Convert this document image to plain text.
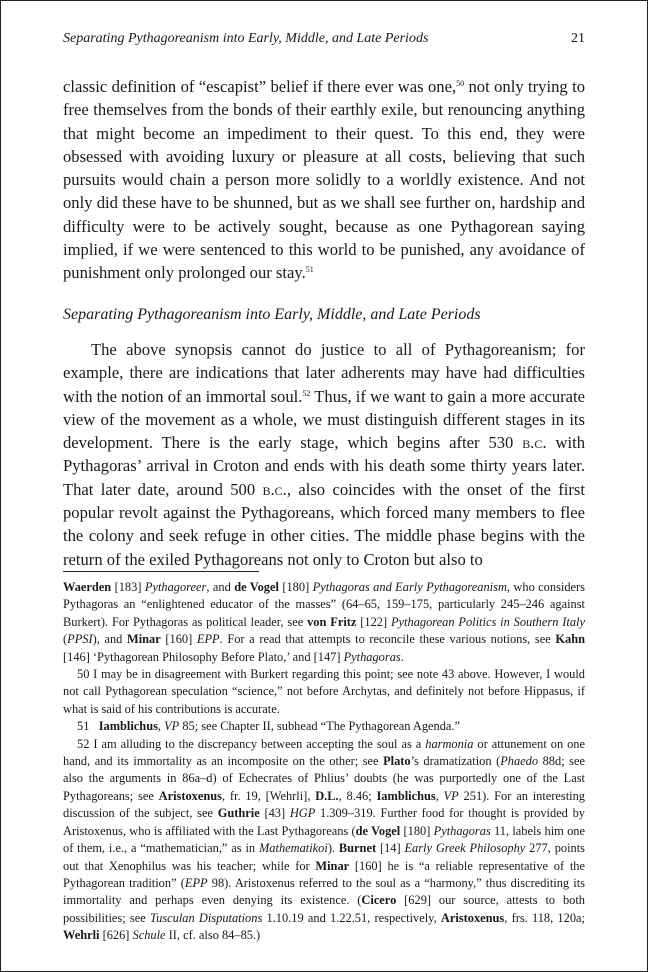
Separating Pythagoreanism into Early, Middle, and Late Periods	21

classic definition of “escapist” belief if there ever was one,$^{50}$ not only trying to free themselves from the bonds of their earthly exile, but renouncing anything that might become an impediment to their quest. To this end, they were obsessed with avoiding luxury or pleasure at all costs, believing that such pursuits would chain a person more solidly to a worldly existence. And not only did these have to be shunned, but as we shall see further on, hardship and difficulty were to be actively sought, because as one Pythagorean saying implied, if we were sentenced to this world to be punished, any avoidance of punishment only prolonged our stay.$^{51}$

Separating Pythagoreanism into Early, Middle, and Late Periods

The above synopsis cannot do justice to all of Pythagoreanism; for example, there are indications that later adherents may have had difficulties with the notion of an immortal soul.$^{52}$ Thus, if we want to gain a more accurate view of the movement as a whole, we must distinguish different stages in its development. There is the early stage, which begins after 530 b.c. with Pythagoras’ arrival in Croton and ends with his death some thirty years later. That later date, around 500 b.c., also coincides with the onset of the first popular revolt against the Pythagoreans, which forced many members to flee the colony and seek refuge in other cities. The middle phase begins with the return of the exiled Pythagoreans not only to Croton but also to

Waerden [183] Pythagoreer, and de Vogel [180] Pythagoras and Early Pythagoreanism, who considers Pythagoras an “enlightened educator of the masses” (64–65, 159–175, particularly 245–246 against Burkert). For Pythagoras as political leader, see von Fritz [122] Pythagorean Politics in Southern Italy (PPSI), and Minar [160] EPP. For a read that attempts to reconcile these various notions, see Kahn [146] ‘Pythagorean Philosophy Before Plato,’ and [147] Pythagoras.

50 I may be in disagreement with Burkert regarding this point; see note 43 above. However, I would not call Pythagorean speculation “science,” not before Archytas, and definitely not before Hippasus, if what is said of his contributions is accurate.

51 Iamblichus, VP 85; see Chapter II, subhead “The Pythagorean Agenda.”

52 I am alluding to the discrepancy between accepting the soul as a harmonia or attunement on one hand, and its immortality as an incomposite on the other; see Plato’s dramatization (Phaedo 88d; see also the arguments in 86a–d) of Echecrates of Phlius’ doubts (he was purportedly one of the Last Pythagoreans; see Aristoxenus, fr. 19, [Wehrli], D.L., 8.46; Iamblichus, VP 251). For an interesting discussion of the subject, see Guthrie [43] HGP 1.309–319. Further food for thought is provided by Aristoxenus, who is affiliated with the Last Pythagoreans (de Vogel [180] Pythagoras 11, labels him one of them, i.e., a “mathematician,” as in Mathematikoi). Burnet [14] Early Greek Philosophy 277, points out that Xenophilus was his teacher; while for Minar [160] he is “a reliable representative of the Pythagorean tradition” (EPP 98). Aristoxenus referred to the soul as a “harmony,” thus discrediting its immortality and perhaps even denying its existence. (Cicero [629] our source, attests to both possibilities; see Tusculan Disputations 1.10.19 and 1.22.51, respectively, Aristoxenus, frs. 118, 120a; Wehrli [626] Schule II, cf. also 84–85.)
